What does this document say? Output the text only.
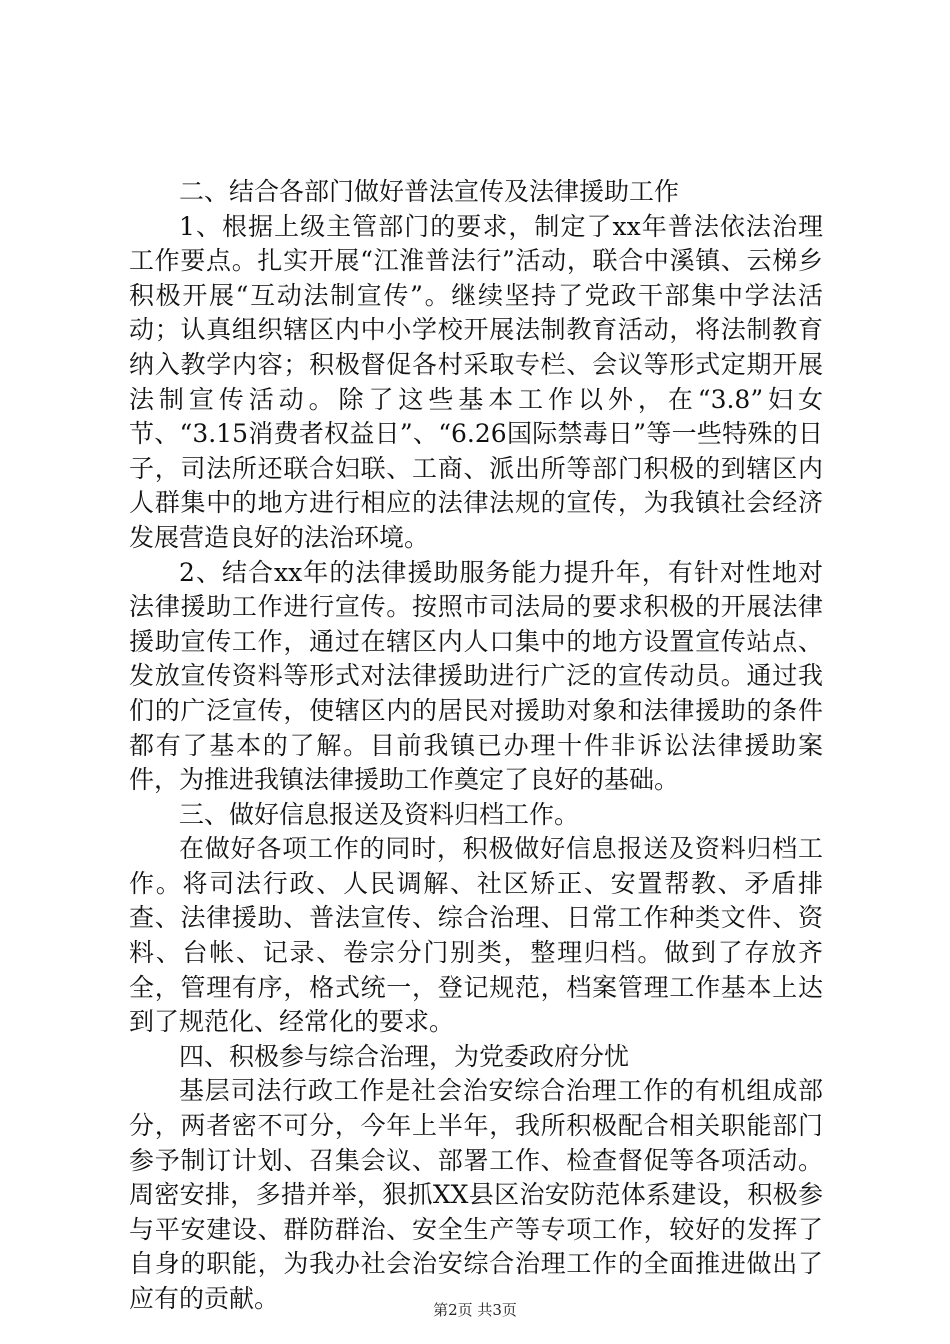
二、结合各部门做好普法宣传及法律援助工作

1、根据上级主管部门的要求，制定了xx年普法依法治理工作要点。扎实开展“江淮普法行”活动，联合中溪镇、云梯乡积极开展“互动法制宣传”。继续坚持了党政干部集中学法活动；认真组织辖区内中小学校开展法制教育活动，将法制教育纳入教学内容；积极督促各村采取专栏、会议等形式定期开展法制宣传活动。除了这些基本工作以外，在“3.8”妇女节、“3.15消费者权益日”、“6.26国际禁毒日”等一些特殊的日子，司法所还联合妇联、工商、派出所等部门积极的到辖区内人群集中的地方进行相应的法律法规的宣传，为我镇社会经济发展营造良好的法治环境。

2、结合xx年的法律援助服务能力提升年，有针对性地对法律援助工作进行宣传。按照市司法局的要求积极的开展法律援助宣传工作，通过在辖区内人口集中的地方设置宣传站点、发放宣传资料等形式对法律援助进行广泛的宣传动员。通过我们的广泛宣传，使辖区内的居民对援助对象和法律援助的条件都有了基本的了解。目前我镇已办理十件非诉讼法律援助案件，为推进我镇法律援助工作奠定了良好的基础。

三、做好信息报送及资料归档工作。

在做好各项工作的同时，积极做好信息报送及资料归档工作。将司法行政、人民调解、社区矫正、安置帮教、矛盾排查、法律援助、普法宣传、综合治理、日常工作种类文件、资料、台帐、记录、卷宗分门别类，整理归档。做到了存放齐全，管理有序，格式统一，登记规范，档案管理工作基本上达到了规范化、经常化的要求。

四、积极参与综合治理，为党委政府分忧

基层司法行政工作是社会治安综合治理工作的有机组成部分，两者密不可分，今年上半年，我所积极配合相关职能部门参予制订计划、召集会议、部署工作、检查督促等各项活动。周密安排，多措并举，狠抓XX县区治安防范体系建设，积极参与平安建设、群防群治、安全生产等专项工作，较好的发挥了自身的职能，为我办社会治安综合治理工作的全面推进做出了应有的贡献。	第2页 共3页
